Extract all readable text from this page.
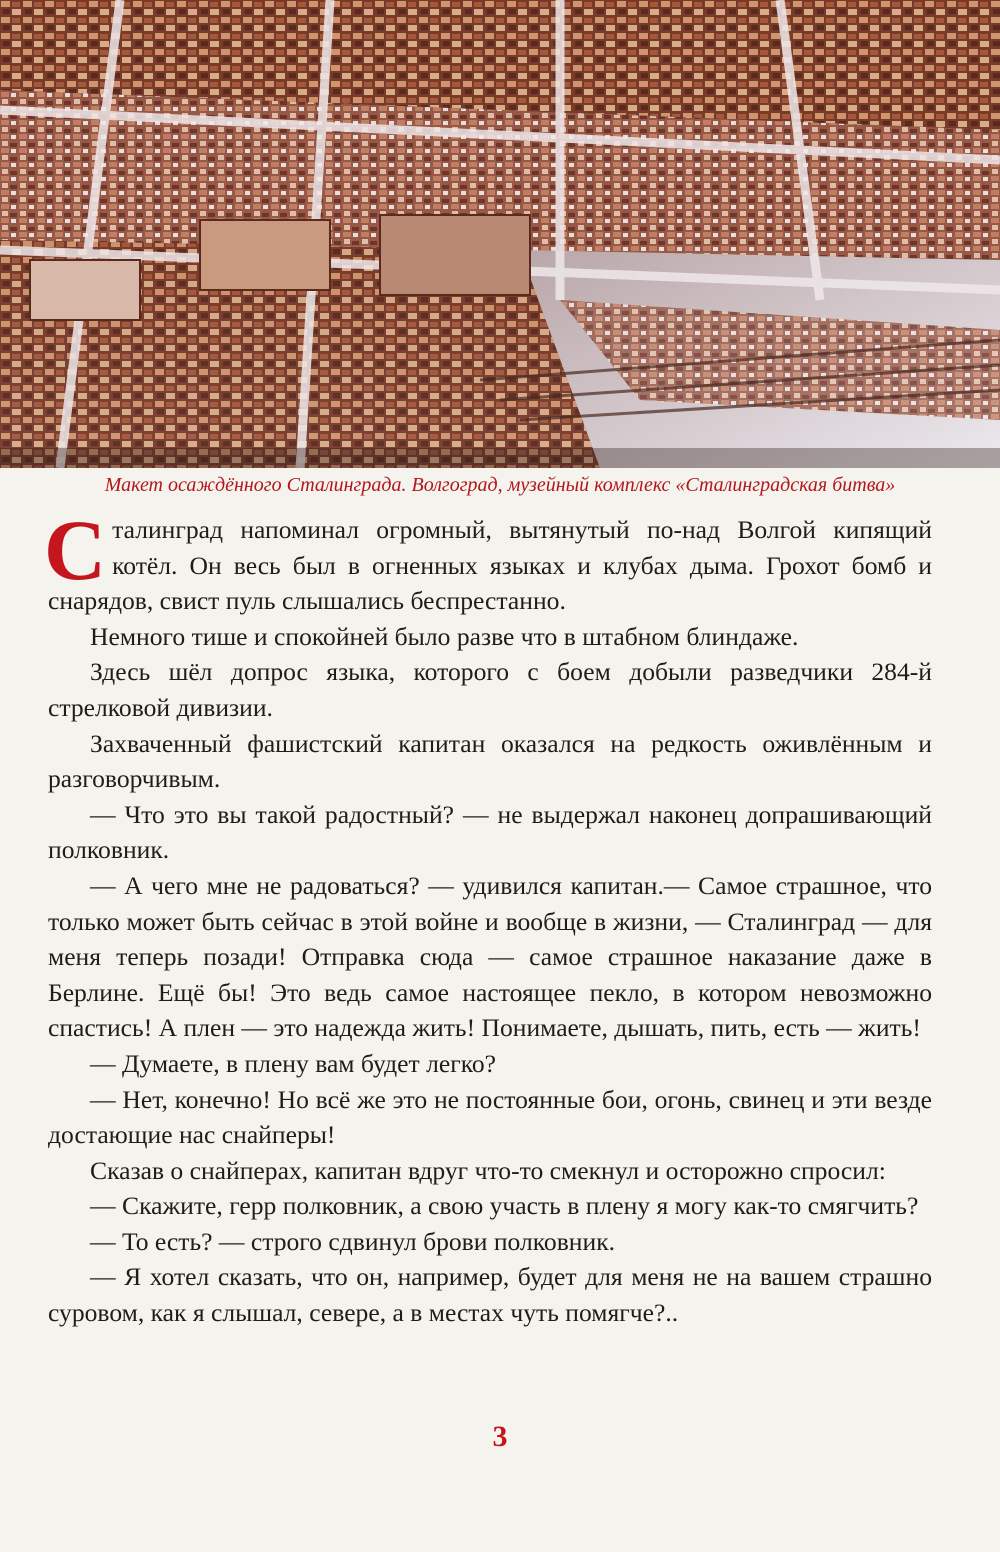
Макет осаждённого Сталинграда. Волгоград, музейный комплекс «Сталинградская битва»

Сталинград напоминал огромный, вытянутый по-над Волгой кипящий котёл. Он весь был в огненных языках и клубах дыма. Грохот бомб и снарядов, свист пуль слышались беспрестанно.

Немного тише и спокойней было разве что в штабном блиндаже.

Здесь шёл допрос языка, которого с боем добыли разведчики 284-й стрелковой дивизии.

Захваченный фашистский капитан оказался на редкость оживлённым и разговорчивым.

— Что это вы такой радостный? — не выдержал наконец допрашивающий полковник.

— А чего мне не радоваться? — удивился капитан.— Самое страшное, что только может быть сейчас в этой войне и вообще в жизни, — Сталинград — для меня теперь позади! Отправка сюда — самое страшное наказание даже в Берлине. Ещё бы! Это ведь самое настоящее пекло, в котором невозможно спастись! А плен — это надежда жить! Понимаете, дышать, пить, есть — жить!

— Думаете, в плену вам будет легко?

— Нет, конечно! Но всё же это не постоянные бои, огонь, свинец и эти везде достающие нас снайперы!

Сказав о снайперах, капитан вдруг что-то смекнул и осторожно спросил:

— Скажите, герр полковник, а свою участь в плену я могу как-то смягчить?

— То есть? — строго сдвинул брови полковник.

— Я хотел сказать, что он, например, будет для меня не на вашем страшно суровом, как я слышал, севере, а в местах чуть помягче?..

3
